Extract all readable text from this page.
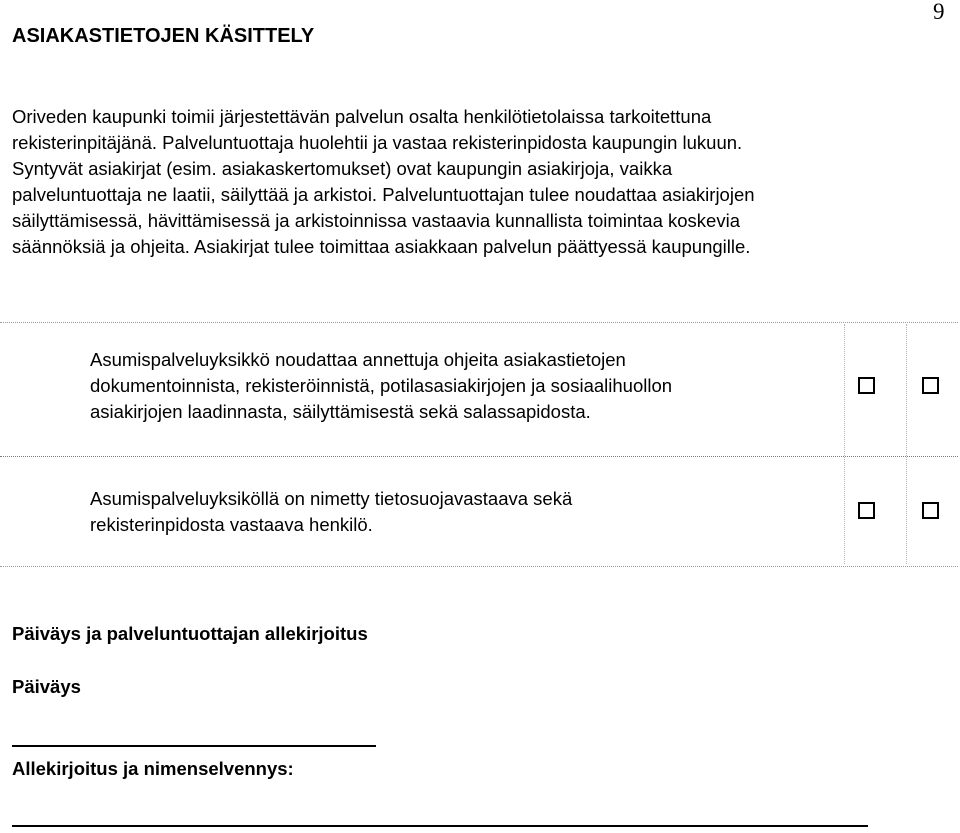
9
ASIAKASTIETOJEN KÄSITTELY
Oriveden kaupunki toimii järjestettävän palvelun osalta henkilötietolaissa tarkoitettuna
rekisterinpitäjänä. Palveluntuottaja huolehtii ja vastaa rekisterinpidosta kaupungin lukuun.
Syntyvät asiakirjat (esim. asiakaskertomukset) ovat kaupungin asiakirjoja, vaikka
palveluntuottaja ne laatii, säilyttää ja arkistoi. Palveluntuottajan tulee noudattaa asiakirjojen
säilyttämisessä, hävittämisessä ja arkistoinnissa vastaavia kunnallista toimintaa koskevia
säännöksiä ja ohjeita. Asiakirjat tulee toimittaa asiakkaan palvelun päättyessä kaupungille.
Asumispalveluyksikkö noudattaa annettuja ohjeita asiakastietojen
dokumentoinnista, rekisteröinnistä, potilasasiakirjojen ja sosiaalihuollon
asiakirjojen laadinnasta, säilyttämisestä sekä salassapidosta.
Asumispalveluyksiköllä on nimetty tietosuojavastaava sekä
rekisterinpidosta vastaava henkilö.
Päiväys ja palveluntuottajan allekirjoitus
Päiväys
Allekirjoitus ja nimenselvennys:
